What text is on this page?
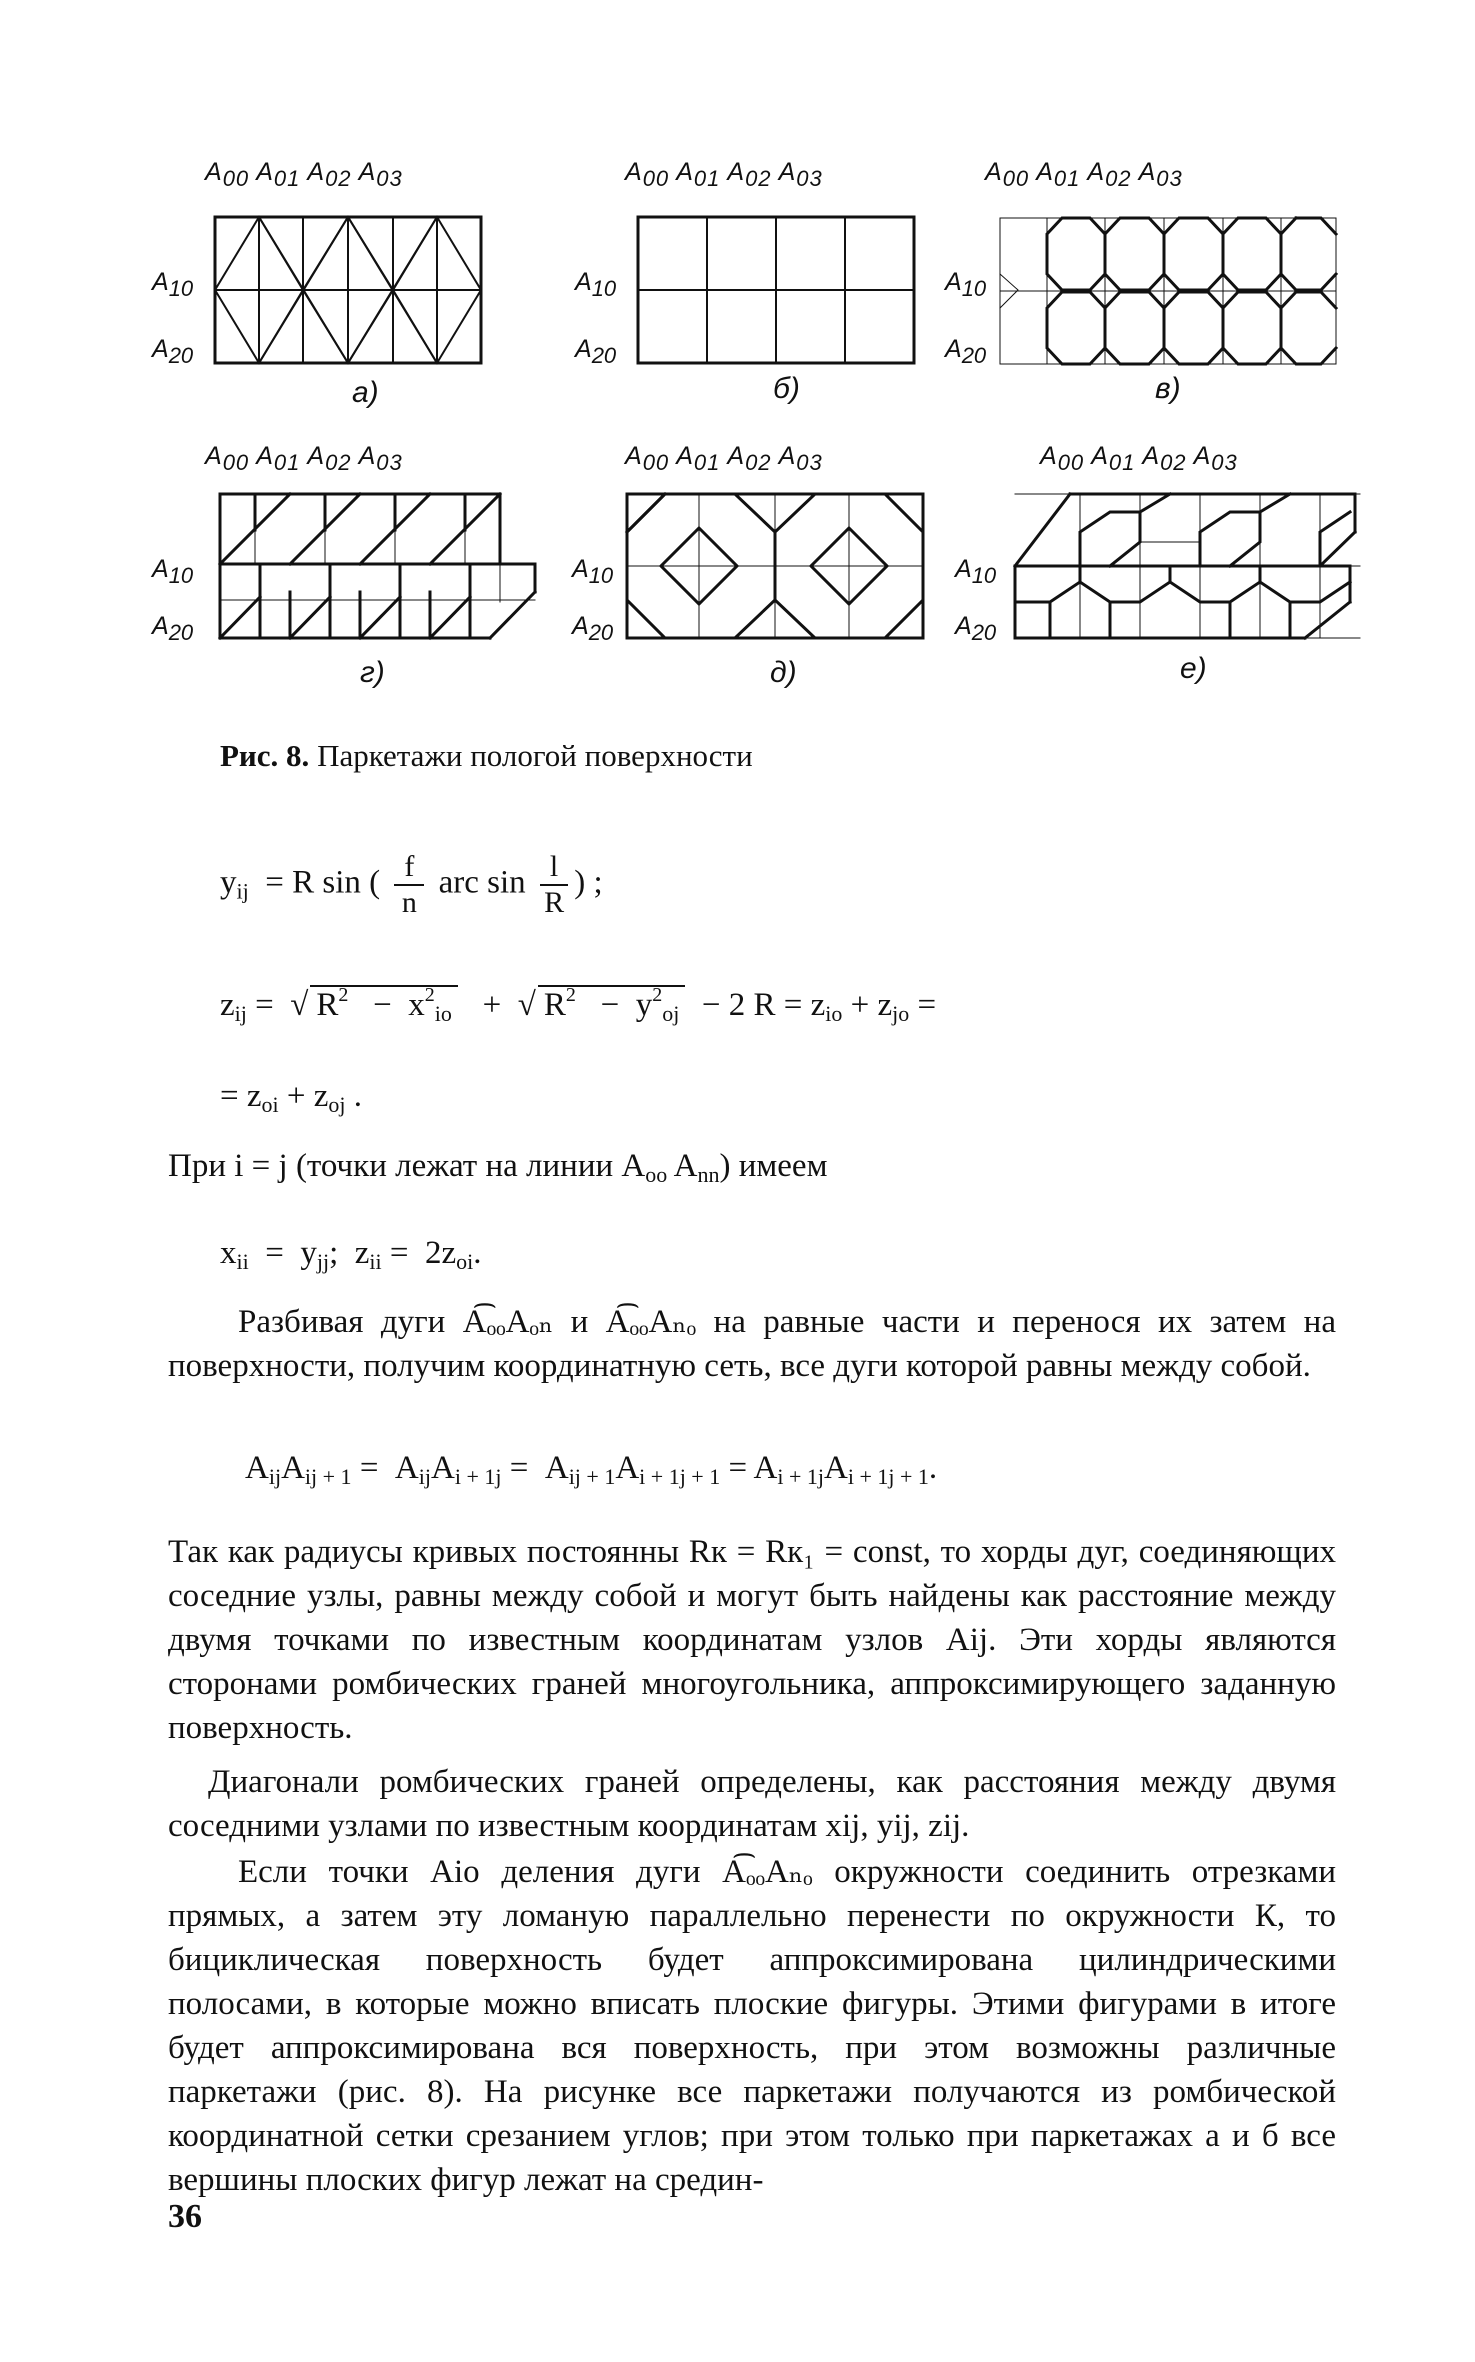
$A_{00}$ $A_{01}$ $A_{02}$ $A_{03}$
$A_{10}$
$A_{20}$
a)
$A_{00}$ $A_{01}$ $A_{02}$ $A_{03}$
$A_{10}$
$A_{20}$
б)
$A_{00}$ $A_{01}$ $A_{02}$ $A_{03}$
$A_{10}$
$A_{20}$
в)
$A_{00}$ $A_{01}$ $A_{02}$ $A_{03}$
$A_{10}$
$A_{20}$
г)
$A_{00}$ $A_{01}$ $A_{02}$ $A_{03}$
$A_{10}$
$A_{20}$
д)
$A_{00}$ $A_{01}$ $A_{02}$ $A_{03}$
$A_{10}$
$A_{20}$
е)
Рис. 8. Паркетажи пологой поверхности
$y_{ij} = R$ sin ( $\frac{f}{n}$ arc $\sin \frac{l}{R}$ ) ;
$z_{ij}$ =  √ $R^2 - x^2_{io}$   +  √ $R^2 - y^2_{oj} - 2$ $R = z_{io} + z_{jo}$ =
= $z_{oi} + z_{oj}$ .
При i = j (точки лежат на линии $A_{oo}$ $A_{nn}$) имеем
$x_{ii} = y_{jj}$;  $z_{ii} = 2z_{oi}$.
Разбивая дуги A͡ₒₒAₒₙ и A͡ₒₒAₙₒ на равные части и перенося их затем на поверхности, получим координатную сеть, все дуги которой равны между собой.
$A_{ij}A_{ij + 1} = A_{ij}A_{i + 1j} = A_{ij + 1}A_{i + 1j + 1} = A_{i + 1j}A_{i + 1j + 1}$.
Так как радиусы кривых постоянны Rк = Rк₁ = const, то хорды дуг, соединяющих соседние узлы, равны между собой и могут быть найдены как расстояние между двумя точками по известным координатам узлов Aij. Эти хорды являются сторонами ромбических граней многоугольника, аппроксимирующего заданную поверхность.
Диагонали ромбических граней определены, как расстояния между двумя соседними узлами по известным координатам xij, yij, zij.
Если точки Aio деления дуги A͡ₒₒAₙₒ окружности соединить отрезками прямых, а затем эту ломаную параллельно перенести по окружности К, то бициклическая поверхность будет аппроксимирована цилиндрическими полосами, в которые можно вписать плоские фигуры. Этими фигурами в итоге будет аппроксимирована вся поверхность, при этом возможны различные паркетажи (рис. 8). На рисунке все паркетажи получаются из ромбической координатной сетки срезанием углов; при этом только при паркетажах а и б все вершины плоских фигур лежат на средин-
36
